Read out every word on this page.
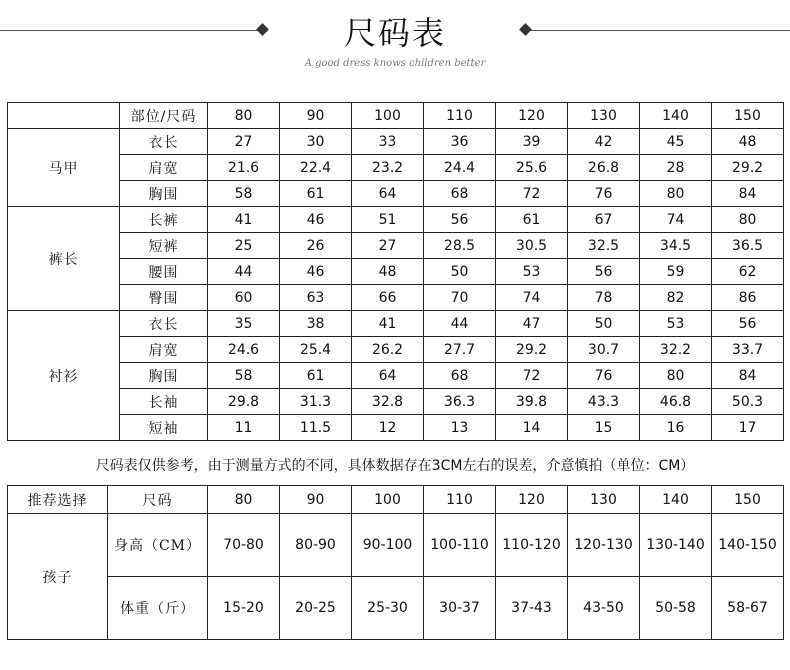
尺码表
A good dress knows children better
	部位/尺码	80	90	100	110	120	130	140	150
马甲	衣长	27	30	33	36	39	42	45	48
	肩宽	21.6	22.4	23.2	24.4	25.6	26.8	28	29.2
	胸围	58	61	64	68	72	76	80	84
裤长	长裤	41	46	51	56	61	67	74	80
	短裤	25	26	27	28.5	30.5	32.5	34.5	36.5
	腰围	44	46	48	50	53	56	59	62
	臀围	60	63	66	70	74	78	82	86
衬衫	衣长	35	38	41	44	47	50	53	56
	肩宽	24.6	25.4	26.2	27.7	29.2	30.7	32.2	33.7
	胸围	58	61	64	68	72	76	80	84
	长袖	29.8	31.3	32.8	36.3	39.8	43.3	46.8	50.3
	短袖	11	11.5	12	13	14	15	16	17
尺码表仅供参考，由于测量方式的不同，具体数据存在3CM左右的误差，介意慎拍（单位：CM）
推荐选择	尺码	80	90	100	110	120	130	140	150
孩子	身高（CM）	70-80	80-90	90-100	100-110	110-120	120-130	130-140	140-150
	体重（斤）	15-20	20-25	25-30	30-37	37-43	43-50	50-58	58-67
